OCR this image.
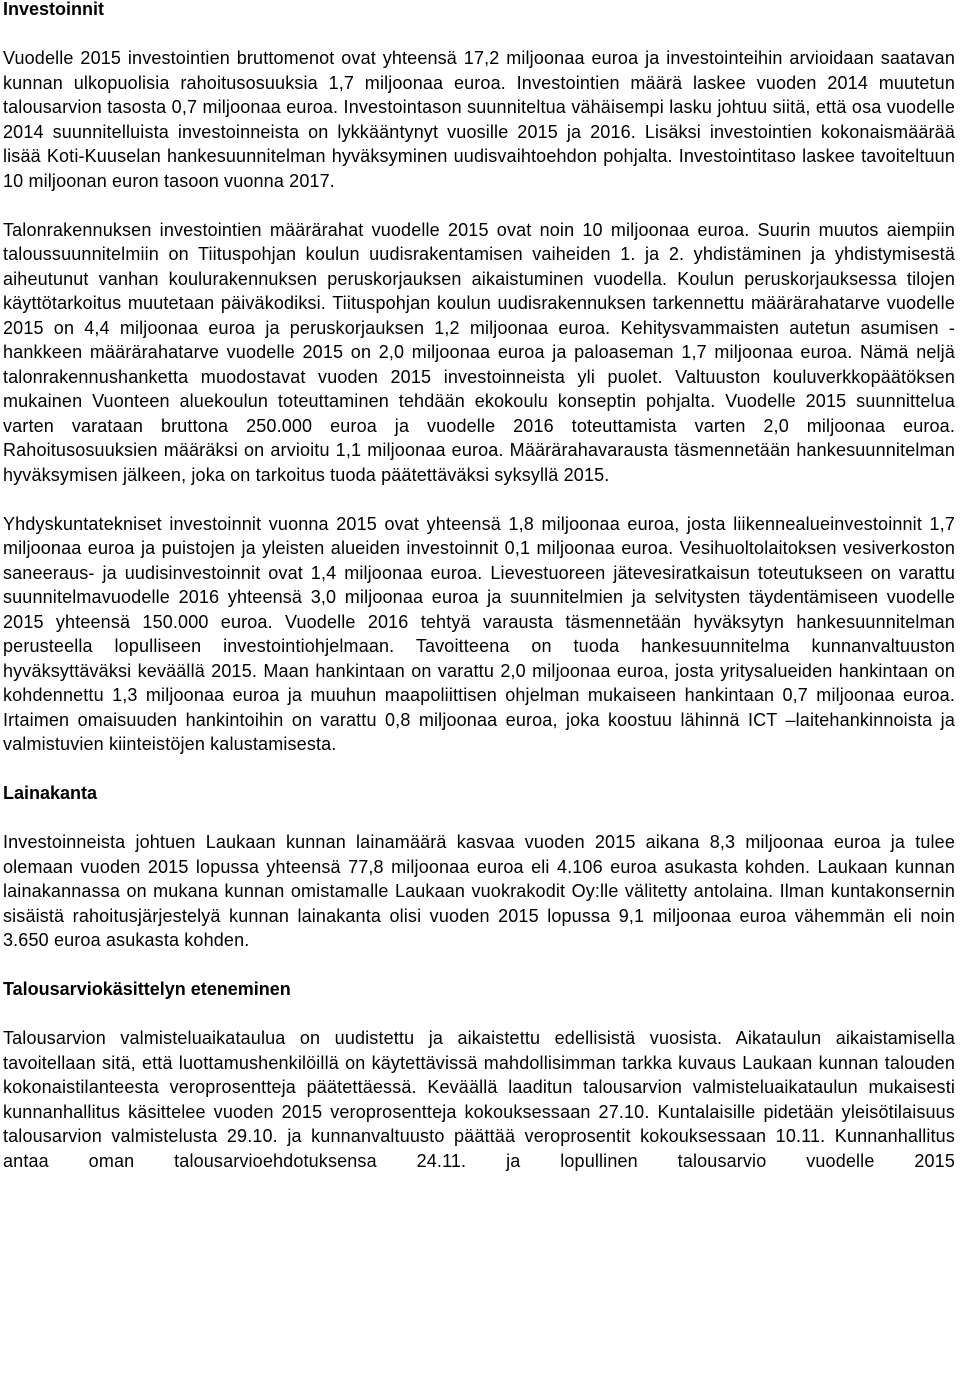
Investoinnit

Vuodelle 2015 investointien bruttomenot ovat yhteensä 17,2 miljoonaa euroa ja investointeihin arvioidaan saatavan kunnan ulkopuolisia rahoitusosuuksia 1,7 miljoonaa euroa. Investointien määrä laskee vuoden 2014 muutetun talousarvion tasosta 0,7 miljoonaa euroa. Investointason suunniteltua vähäisempi lasku johtuu siitä, että osa vuodelle 2014 suunnitelluista investoinneista on lykkääntynyt vuosille 2015 ja 2016. Lisäksi investointien kokonaismäärää lisää Koti-Kuuselan hankesuunnitelman hyväksyminen uudisvaihtoehdon pohjalta. Investointitaso laskee tavoiteltuun 10 miljoonan euron tasoon vuonna 2017.

Talonrakennuksen investointien määrärahat vuodelle 2015 ovat noin 10 miljoonaa euroa. Suurin muutos aiempiin taloussuunnitelmiin on Tiituspohjan koulun uudisrakentamisen vaiheiden 1. ja 2. yhdistäminen ja yhdistymisestä aiheutunut vanhan koulurakennuksen peruskorjauksen aikaistuminen vuodella. Koulun peruskorjauksessa tilojen käyttötarkoitus muutetaan päiväkodiksi. Tiituspohjan koulun uudisrakennuksen tarkennettu määrärahatarve vuodelle 2015 on 4,4 miljoonaa euroa ja peruskorjauksen 1,2 miljoonaa euroa. Kehitysvammaisten autetun asumisen -hankkeen määrärahatarve vuodelle 2015 on 2,0 miljoonaa euroa ja paloaseman 1,7 miljoonaa euroa. Nämä neljä talonrakennushanketta muodostavat vuoden 2015 investoinneista yli puolet. Valtuuston kouluverkkopäätöksen mukainen Vuonteen aluekoulun toteuttaminen tehdään ekokoulu konseptin pohjalta. Vuodelle 2015 suunnittelua varten varataan bruttona 250.000 euroa ja vuodelle 2016 toteuttamista varten 2,0 miljoonaa euroa. Rahoitusosuuksien määräksi on arvioitu 1,1 miljoonaa euroa. Määrärahavarausta täsmennetään hankesuunnitelman hyväksymisen jälkeen, joka on tarkoitus tuoda päätettäväksi syksyllä 2015.

Yhdyskuntatekniset investoinnit vuonna 2015 ovat yhteensä 1,8 miljoonaa euroa, josta liikennealueinvestoinnit 1,7 miljoonaa euroa ja puistojen ja yleisten alueiden investoinnit 0,1 miljoonaa euroa. Vesihuoltolaitoksen vesiverkoston saneeraus- ja uudisinvestoinnit ovat 1,4 miljoonaa euroa. Lievestuoreen jätevesiratkaisun toteutukseen on varattu suunnitelmavuodelle 2016 yhteensä 3,0 miljoonaa euroa ja suunnitelmien ja selvitysten täydentämiseen vuodelle 2015 yhteensä 150.000 euroa. Vuodelle 2016 tehtyä varausta täsmennetään hyväksytyn hankesuunnitelman perusteella lopulliseen investointiohjelmaan. Tavoitteena on tuoda hankesuunnitelma kunnanvaltuuston hyväksyttäväksi keväällä 2015. Maan hankintaan on varattu 2,0 miljoonaa euroa, josta yritysalueiden hankintaan on kohdennettu 1,3 miljoonaa euroa ja muuhun maapoliittisen ohjelman mukaiseen hankintaan 0,7 miljoonaa euroa. Irtaimen omaisuuden hankintoihin on varattu 0,8 miljoonaa euroa, joka koostuu lähinnä ICT –laitehankinnoista ja valmistuvien kiinteistöjen kalustamisesta.

Lainakanta

Investoinneista johtuen Laukaan kunnan lainamäärä kasvaa vuoden 2015 aikana 8,3 miljoonaa euroa ja tulee olemaan vuoden 2015 lopussa yhteensä 77,8 miljoonaa euroa eli 4.106 euroa asukasta kohden. Laukaan kunnan lainakannassa on mukana kunnan omistamalle Laukaan vuokrakodit Oy:lle välitetty antolaina. Ilman kuntakonsernin sisäistä rahoitusjärjestelyä kunnan lainakanta olisi vuoden 2015 lopussa 9,1 miljoonaa euroa vähemmän eli noin 3.650 euroa asukasta kohden.

Talousarviokäsittelyn eteneminen

Talousarvion valmisteluaikataulua on uudistettu ja aikaistettu edellisistä vuosista. Aikataulun aikaistamisella tavoitellaan sitä, että luottamushenkilöillä on käytettävissä mahdollisimman tarkka kuvaus Laukaan kunnan talouden kokonaistilanteesta veroprosentteja päätettäessä. Keväällä laaditun talousarvion valmisteluaikataulun mukaisesti kunnanhallitus käsittelee vuoden 2015 veroprosentteja kokouksessaan 27.10. Kuntalaisille pidetään yleisötilaisuus talousarvion valmistelusta 29.10. ja kunnanvaltuusto päättää veroprosentit kokouksessaan 10.11. Kunnanhallitus antaa oman talousarvioehdotuksensa 24.11. ja lopullinen talousarvio vuodelle 2015
